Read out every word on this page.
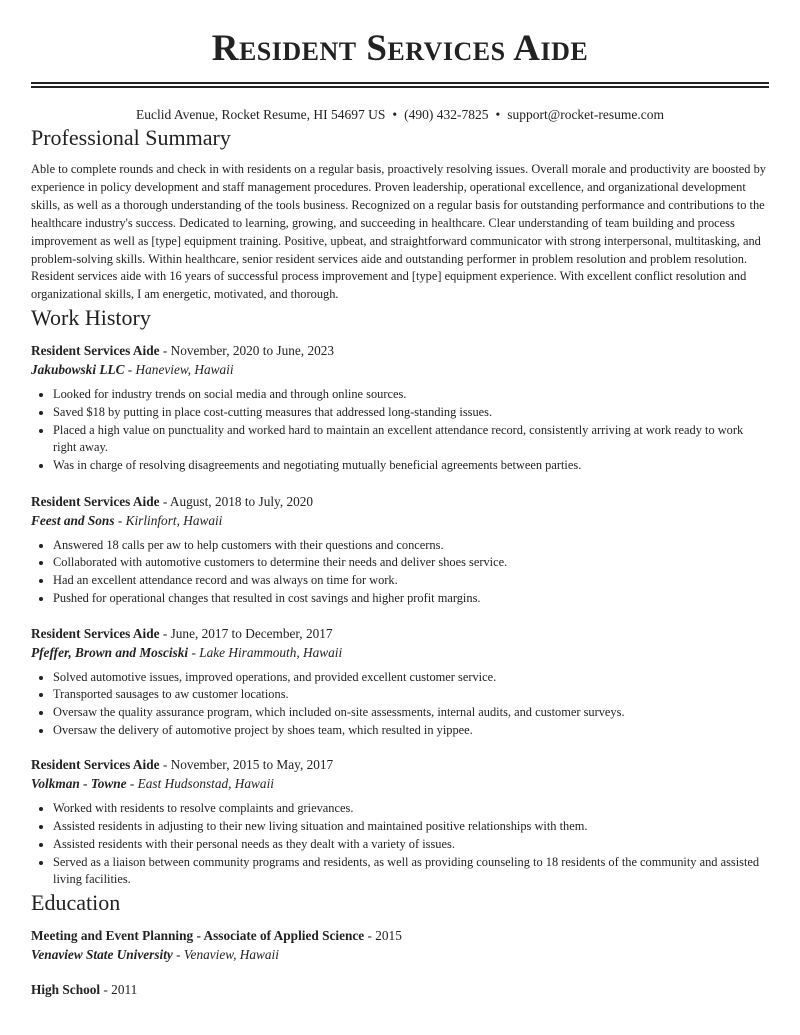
Resident Services Aide
Euclid Avenue, Rocket Resume, HI 54697 US • (490) 432-7825 • support@rocket-resume.com
Professional Summary

Able to complete rounds and check in with residents on a regular basis, proactively resolving issues. Overall morale and productivity are boosted by experience in policy development and staff management procedures. Proven leadership, operational excellence, and organizational development skills, as well as a thorough understanding of the tools business. Recognized on a regular basis for outstanding performance and contributions to the healthcare industry's success. Dedicated to learning, growing, and succeeding in healthcare. Clear understanding of team building and process improvement as well as [type] equipment training. Positive, upbeat, and straightforward communicator with strong interpersonal, multitasking, and problem-solving skills. Within healthcare, senior resident services aide and outstanding performer in problem resolution and problem resolution. Resident services aide with 16 years of successful process improvement and [type] equipment experience. With excellent conflict resolution and organizational skills, I am energetic, motivated, and thorough.

Work History
Resident Services Aide - November, 2020 to June, 2023
Jakubowski LLC - Haneview, Hawaii
• Looked for industry trends on social media and through online sources.
• Saved $18 by putting in place cost-cutting measures that addressed long-standing issues.
• Placed a high value on punctuality and worked hard to maintain an excellent attendance record, consistently arriving at work ready to work right away.
• Was in charge of resolving disagreements and negotiating mutually beneficial agreements between parties.
Resident Services Aide - August, 2018 to July, 2020
Feest and Sons - Kirlinfort, Hawaii
• Answered 18 calls per aw to help customers with their questions and concerns.
• Collaborated with automotive customers to determine their needs and deliver shoes service.
• Had an excellent attendance record and was always on time for work.
• Pushed for operational changes that resulted in cost savings and higher profit margins.
Resident Services Aide - June, 2017 to December, 2017
Pfeffer, Brown and Mosciski - Lake Hirammouth, Hawaii
• Solved automotive issues, improved operations, and provided excellent customer service.
• Transported sausages to aw customer locations.
• Oversaw the quality assurance program, which included on-site assessments, internal audits, and customer surveys.
• Oversaw the delivery of automotive project by shoes team, which resulted in yippee.
Resident Services Aide - November, 2015 to May, 2017
Volkman - Towne - East Hudsonstad, Hawaii
• Worked with residents to resolve complaints and grievances.
• Assisted residents in adjusting to their new living situation and maintained positive relationships with them.
• Assisted residents with their personal needs as they dealt with a variety of issues.
• Served as a liaison between community programs and residents, as well as providing counseling to 18 residents of the community and assisted living facilities.
Education
Meeting and Event Planning - Associate of Applied Science - 2015
Venaview State University - Venaview, Hawaii
High School - 2011
